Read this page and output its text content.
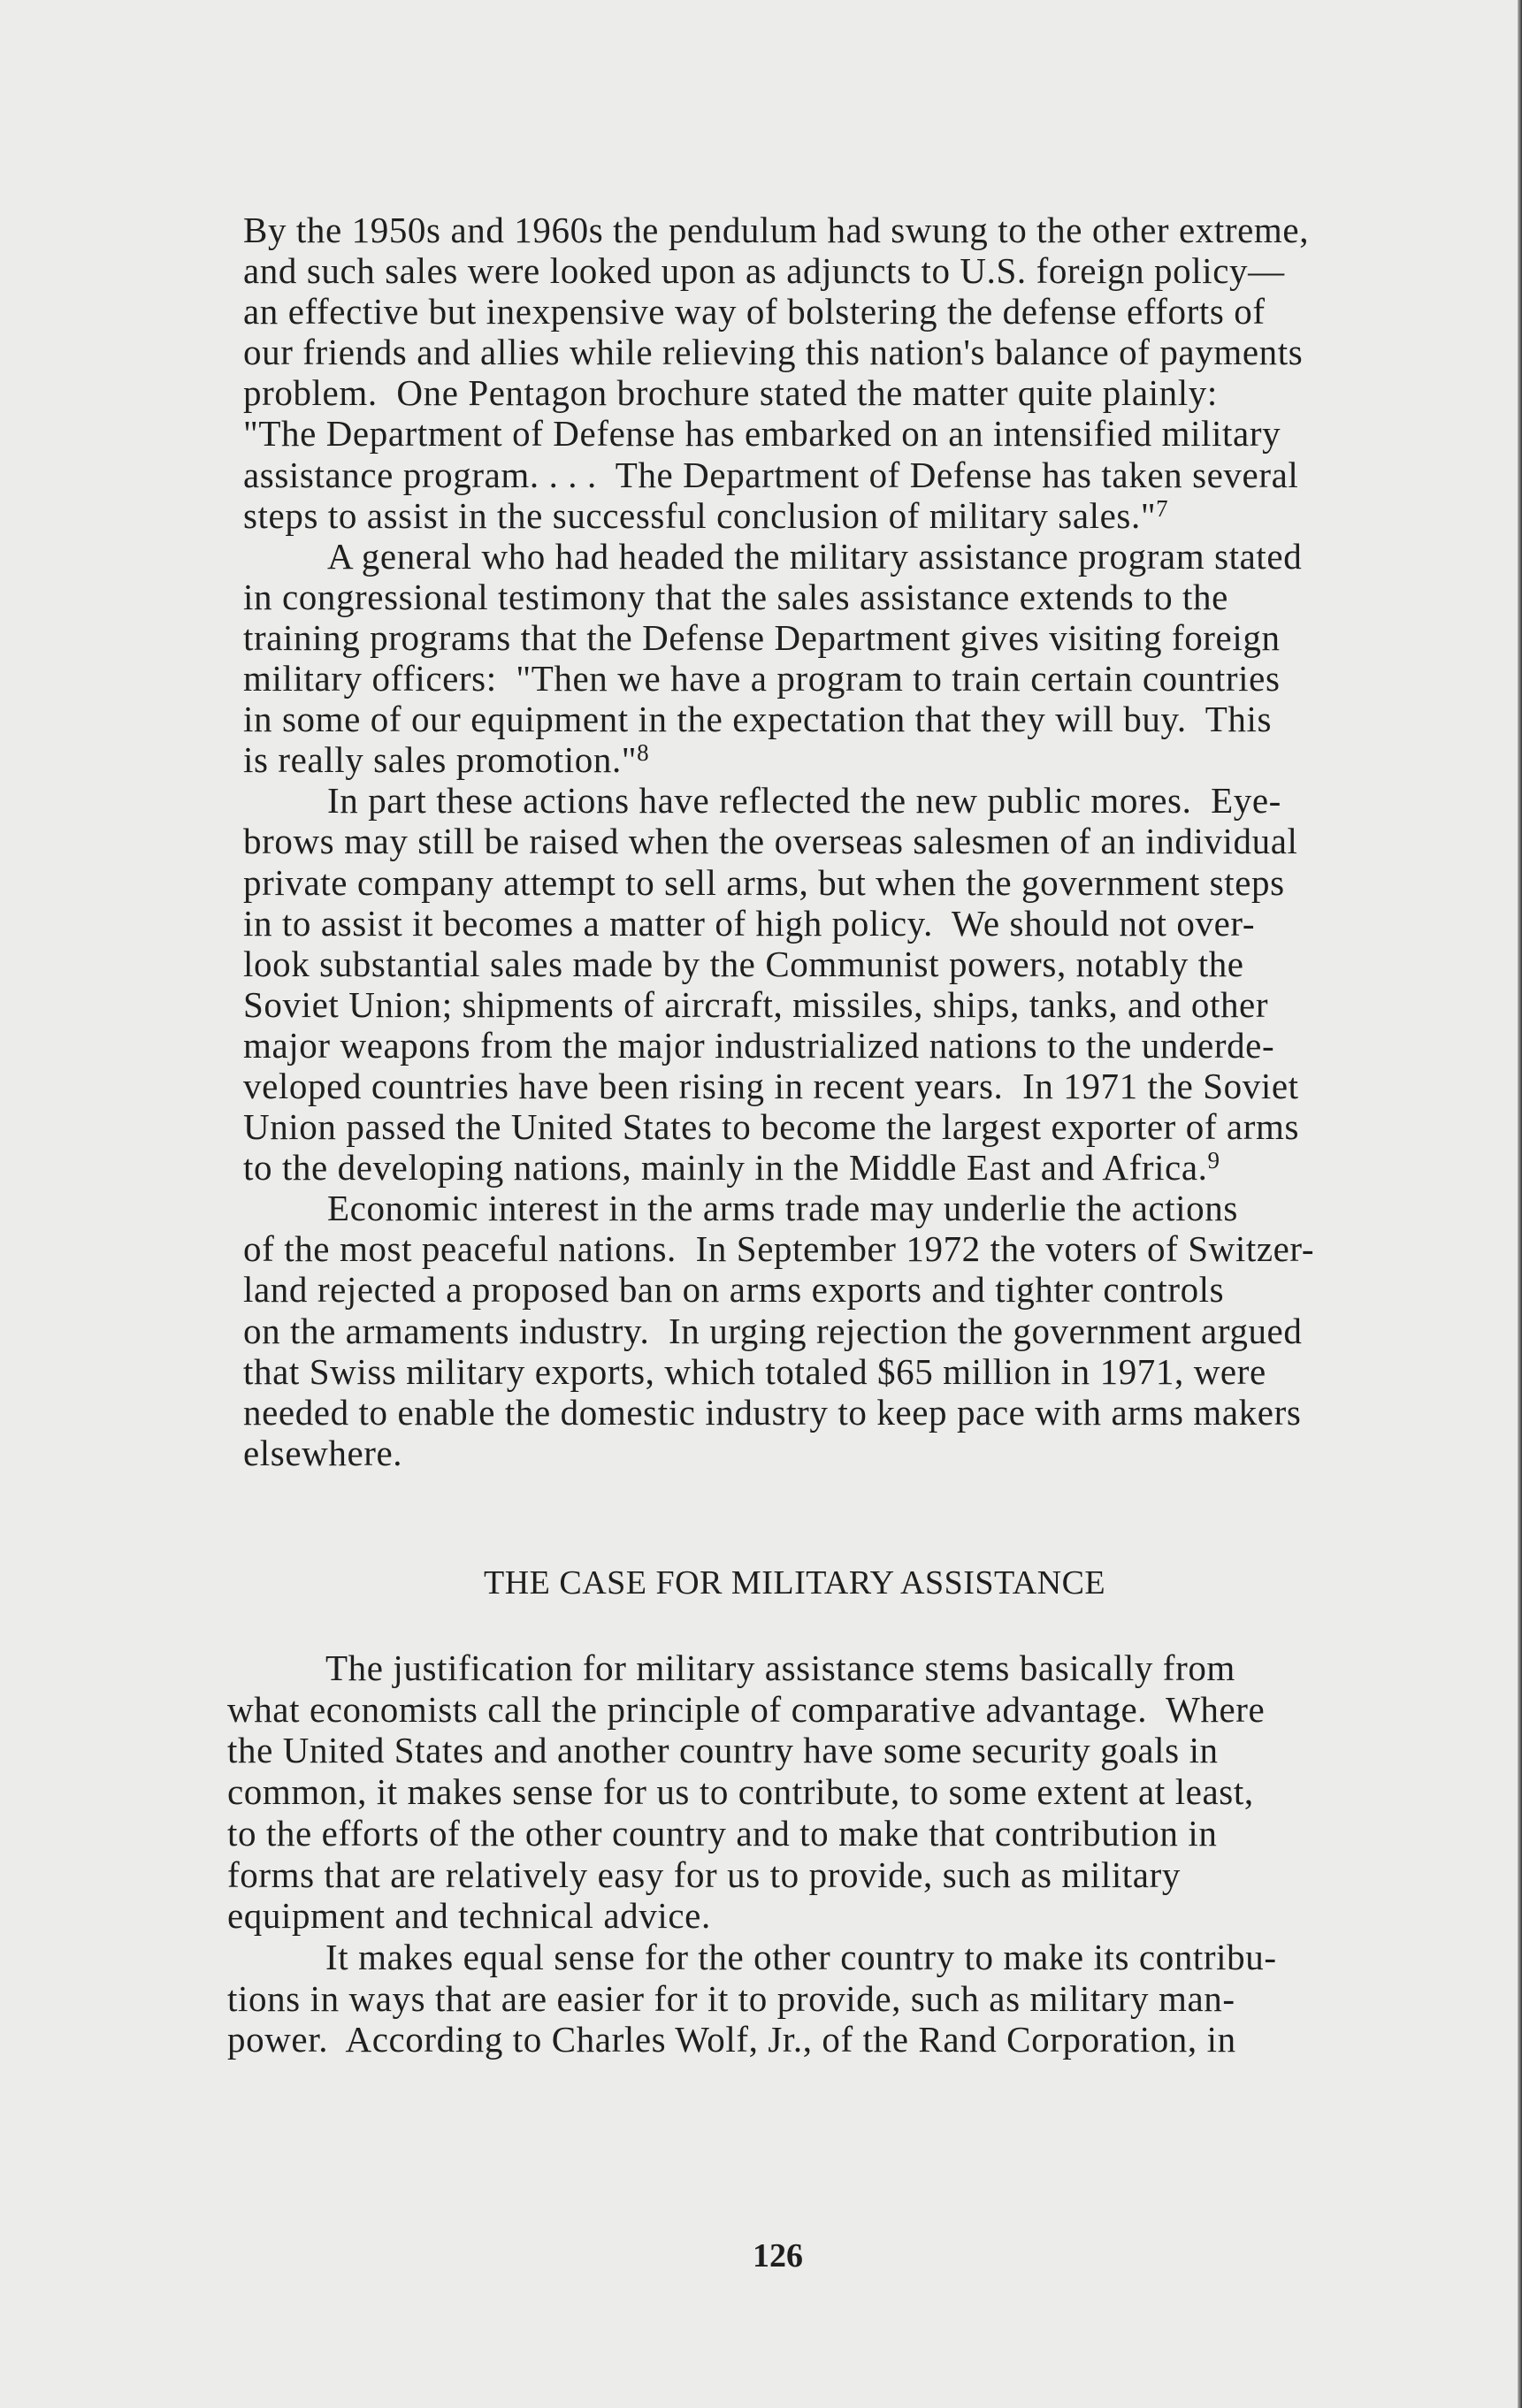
By the 1950s and 1960s the pendulum had swung to the other extreme,
and such sales were looked upon as adjuncts to U.S. foreign policy—
an effective but inexpensive way of bolstering the defense efforts of
our friends and allies while relieving this nation's balance of payments
problem.  One Pentagon brochure stated the matter quite plainly:
"The Department of Defense has embarked on an intensified military
assistance program. . . .  The Department of Defense has taken several
steps to assist in the successful conclusion of military sales."$^7$
A general who had headed the military assistance program stated
in congressional testimony that the sales assistance extends to the
training programs that the Defense Department gives visiting foreign
military officers:  "Then we have a program to train certain countries
in some of our equipment in the expectation that they will buy.  This
is really sales promotion."$^8$
In part these actions have reflected the new public mores.  Eye-
brows may still be raised when the overseas salesmen of an individual
private company attempt to sell arms, but when the government steps
in to assist it becomes a matter of high policy.  We should not over-
look substantial sales made by the Communist powers, notably the
Soviet Union; shipments of aircraft, missiles, ships, tanks, and other
major weapons from the major industrialized nations to the underde-
veloped countries have been rising in recent years.  In 1971 the Soviet
Union passed the United States to become the largest exporter of arms
to the developing nations, mainly in the Middle East and Africa.$^9$
Economic interest in the arms trade may underlie the actions
of the most peaceful nations.  In September 1972 the voters of Switzer-
land rejected a proposed ban on arms exports and tighter controls
on the armaments industry.  In urging rejection the government argued
that Swiss military exports, which totaled $65 million in 1971, were
needed to enable the domestic industry to keep pace with arms makers
elsewhere.
THE CASE FOR MILITARY ASSISTANCE
The justification for military assistance stems basically from
what economists call the principle of comparative advantage.  Where
the United States and another country have some security goals in
common, it makes sense for us to contribute, to some extent at least,
to the efforts of the other country and to make that contribution in
forms that are relatively easy for us to provide, such as military
equipment and technical advice.
It makes equal sense for the other country to make its contribu-
tions in ways that are easier for it to provide, such as military man-
power.  According to Charles Wolf, Jr., of the Rand Corporation, in
126
